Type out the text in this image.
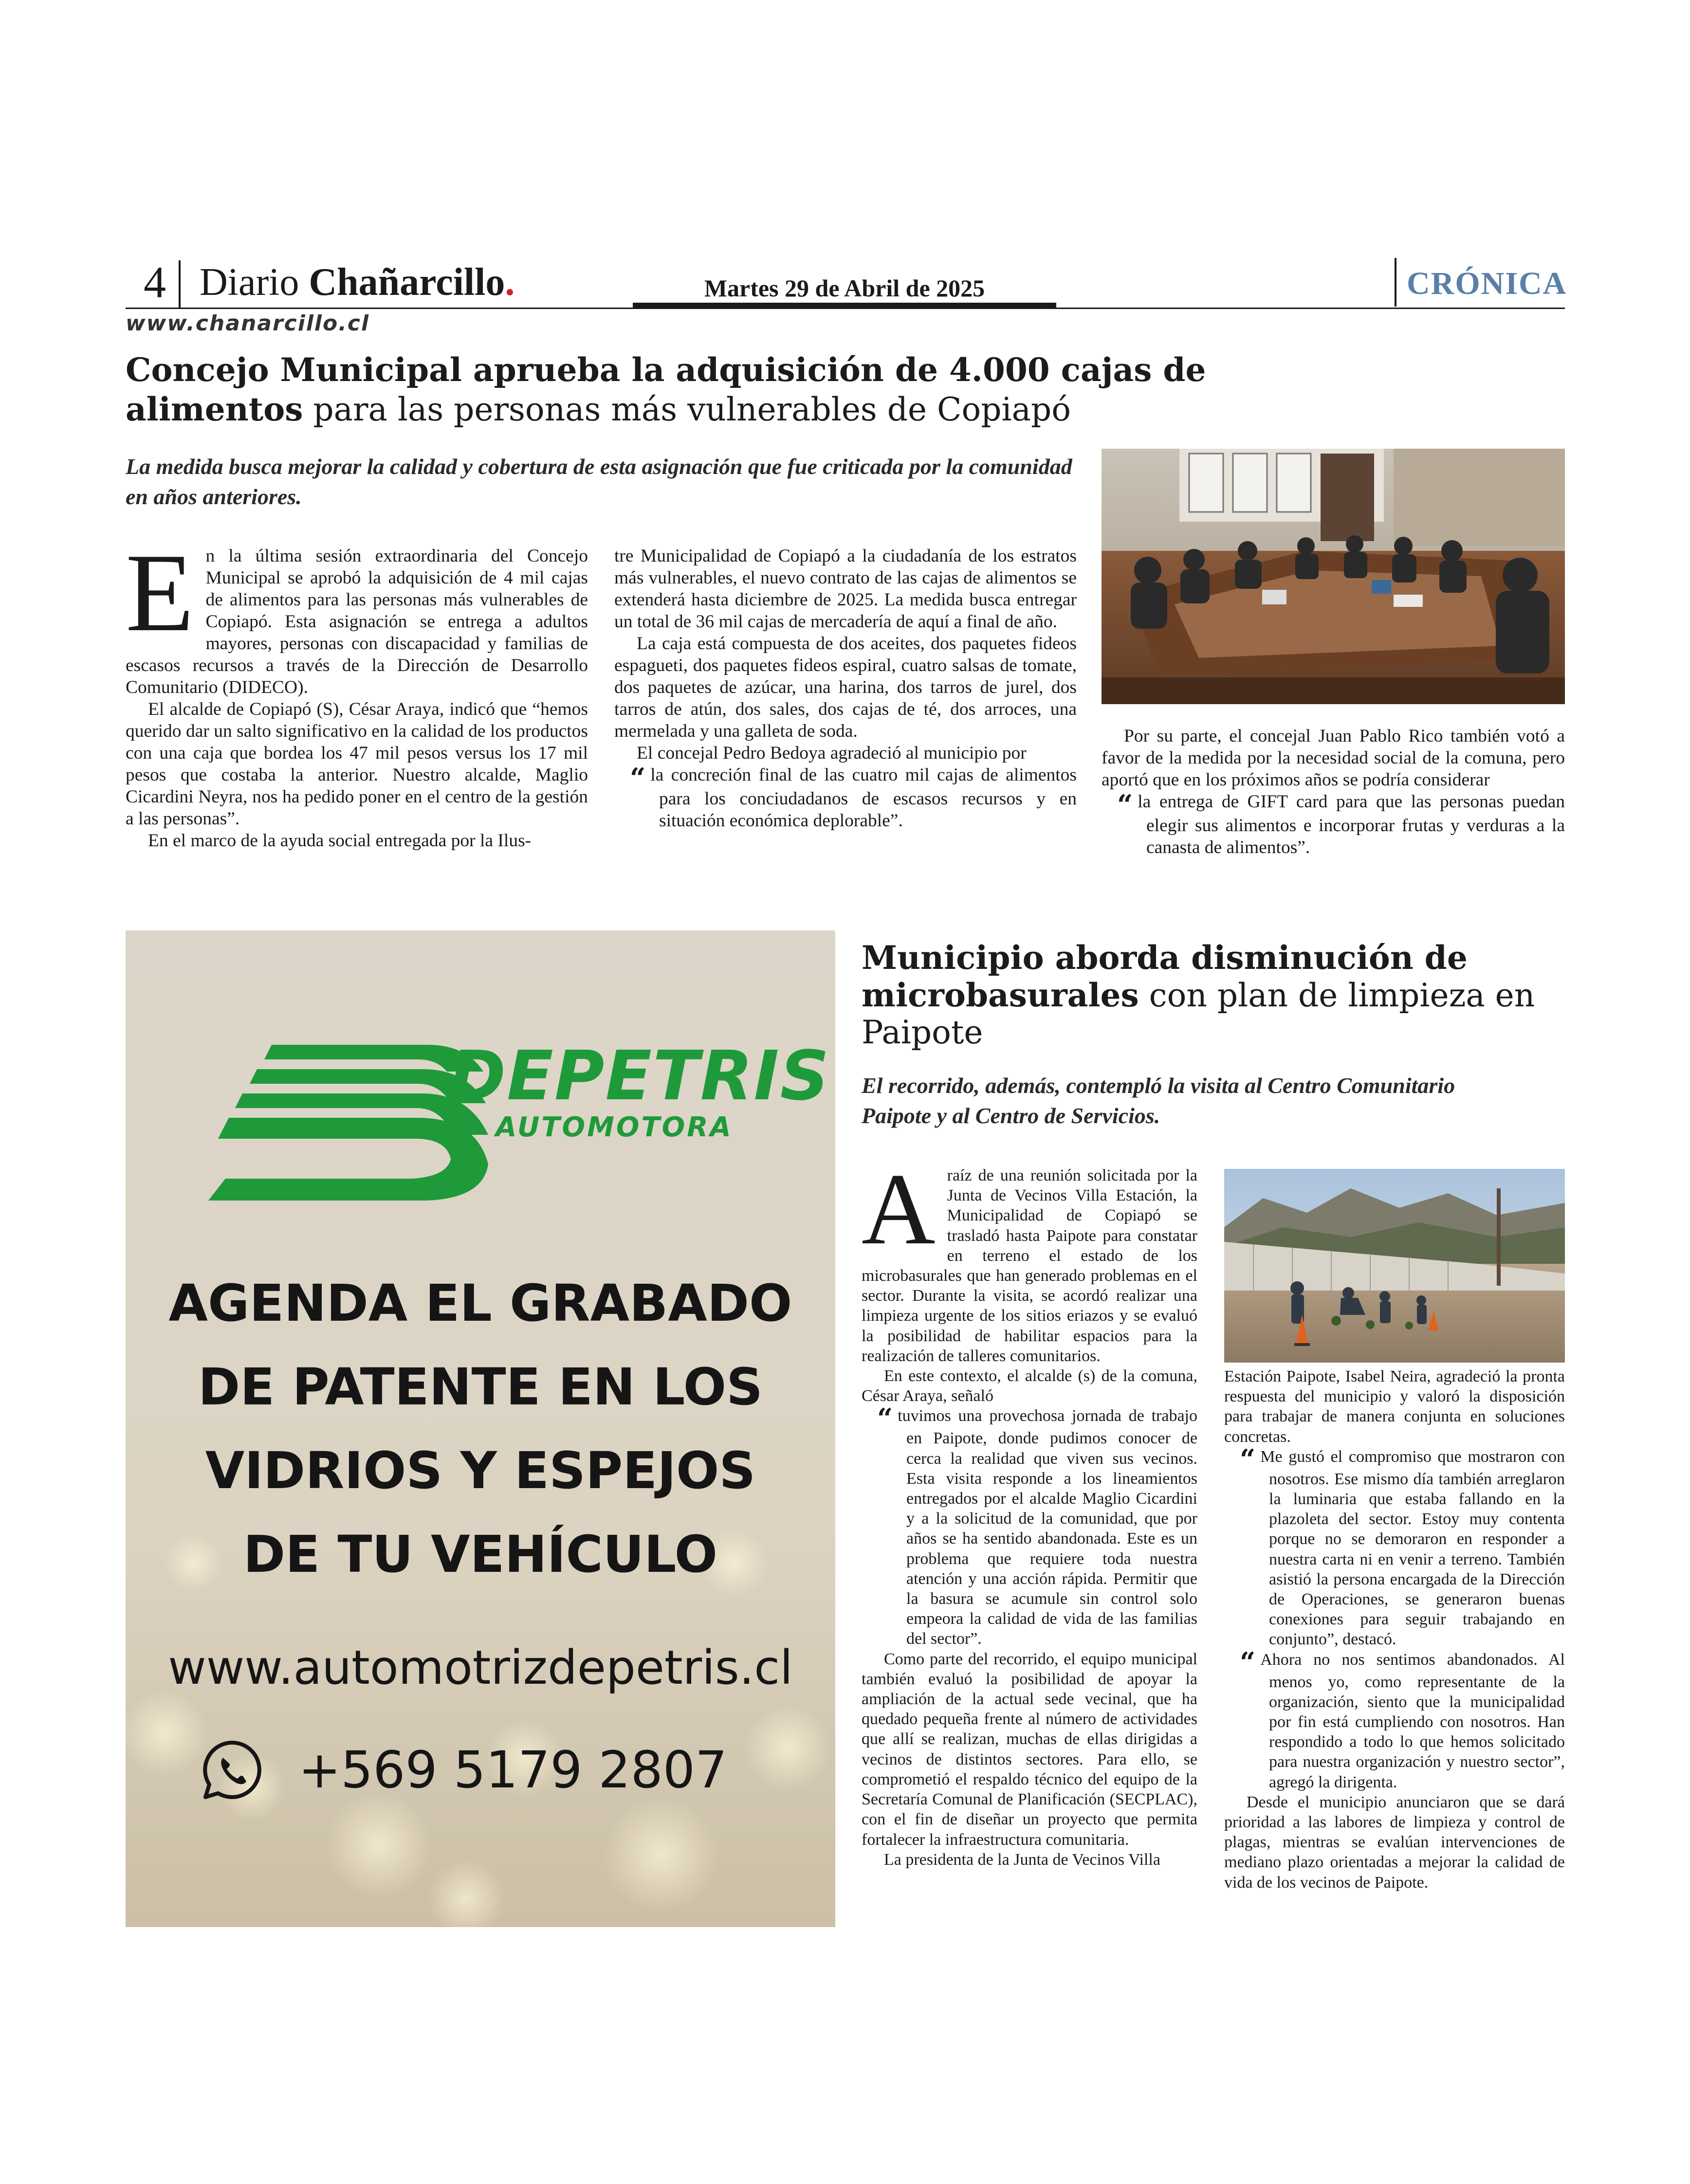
4 Diario Chañarcillo.	Martes 29 de Abril de 2025	CRÓNICA
www.chanarcillo.cl
Concejo Municipal aprueba la adquisición de 4.000 cajas de alimentos para las personas más vulnerables de Copiapó
La medida busca mejorar la calidad y cobertura de esta asignación que fue criticada por la comunidad en años anteriores.

En la última sesión extraordinaria del Concejo Municipal se aprobó la adquisición de 4 mil cajas de alimentos para las personas más vulnerables de Copiapó. Esta asignación se entrega a adultos mayores, personas con discapacidad y familias de escasos recursos a través de la Dirección de Desarrollo Comunitario (DIDECO).

El alcalde de Copiapó (S), César Araya, indicó que “hemos querido dar un salto significativo en la calidad de los productos con una caja que bordea los 47 mil pesos versus los 17 mil pesos que costaba la anterior. Nuestro alcalde, Maglio Cicardini Neyra, nos ha pedido poner en el centro de la gestión a las personas”.

En el marco de la ayuda social entregada por la Ilus-

tre Municipalidad de Copiapó a la ciudadanía de los estratos más vulnerables, el nuevo contrato de las cajas de alimentos se extenderá hasta diciembre de 2025. La medida busca entregar un total de 36 mil cajas de mercadería de aquí a final de año.

La caja está compuesta de dos aceites, dos paquetes fideos espagueti, dos paquetes fideos espiral, cuatro salsas de tomate, dos paquetes de azúcar, una harina, dos tarros de jurel, dos tarros de atún, dos sales, dos cajas de té, dos arroces, una mermelada y una galleta de soda.

El concejal Pedro Bedoya agradeció al municipio por

“ la concreción final de las cuatro mil cajas de alimentos para los conciudadanos de escasos recursos y en situación económica deplorable”.

Por su parte, el concejal Juan Pablo Rico también votó a favor de la medida por la necesidad social de la comuna, pero aportó que en los próximos años se podría considerar

“ la entrega de GIFT card para que las personas puedan elegir sus alimentos e incorporar frutas y verduras a la canasta de alimentos”.

DEPETRIS
AUTOMOTORA
AGENDA EL GRABADO
DE PATENTE EN LOS
VIDRIOS Y ESPEJOS
DE TU VEHÍCULO
www.automotrizdepetris.cl
+569 5179 2807
Municipio aborda disminución de microbasurales con plan de limpieza en Paipote
El recorrido, además, contempló la visita al Centro Comunitario Paipote y al Centro de Servicios.

Araíz de una reunión solicitada por la Junta de Vecinos Villa Estación, la Municipalidad de Copiapó se trasladó hasta Paipote para constatar en terreno el estado de los microbasurales que han generado problemas en el sector. Durante la visita, se acordó realizar una limpieza urgente de los sitios eriazos y se evaluó la posibilidad de habilitar espacios para la realización de talleres comunitarios.

En este contexto, el alcalde (s) de la comuna, César Araya, señaló

“ tuvimos una provechosa jornada de trabajo en Paipote, donde pudimos conocer de cerca la realidad que viven sus vecinos. Esta visita responde a los lineamientos entregados por el alcalde Maglio Cicardini y a la solicitud de la comunidad, que por años se ha sentido abandonada. Este es un problema que requiere toda nuestra atención y una acción rápida. Permitir que la basura se acumule sin control solo empeora la calidad de vida de las familias del sector”.

Como parte del recorrido, el equipo municipal también evaluó la posibilidad de apoyar la ampliación de la actual sede vecinal, que ha quedado pequeña frente al número de actividades que allí se realizan, muchas de ellas dirigidas a vecinos de distintos sectores. Para ello, se comprometió el respaldo técnico del equipo de la Secretaría Comunal de Planificación (SECPLAC), con el fin de diseñar un proyecto que permita fortalecer la infraestructura comunitaria.

La presidenta de la Junta de Vecinos Villa

Estación Paipote, Isabel Neira, agradeció la pronta respuesta del municipio y valoró la disposición para trabajar de manera conjunta en soluciones concretas.

“ Me gustó el compromiso que mostraron con nosotros. Ese mismo día también arreglaron la luminaria que estaba fallando en la plazoleta del sector. Estoy muy contenta porque no se demoraron en responder a nuestra carta ni en venir a terreno. También asistió la persona encargada de la Dirección de Operaciones, se generaron buenas conexiones para seguir trabajando en conjunto”, destacó.

“ Ahora no nos sentimos abandonados. Al menos yo, como representante de la organización, siento que la municipalidad por fin está cumpliendo con nosotros. Han respondido a todo lo que hemos solicitado para nuestra organización y nuestro sector”, agregó la dirigenta.

Desde el municipio anunciaron que se dará prioridad a las labores de limpieza y control de plagas, mientras se evalúan intervenciones de mediano plazo orientadas a mejorar la calidad de vida de los vecinos de Paipote.
